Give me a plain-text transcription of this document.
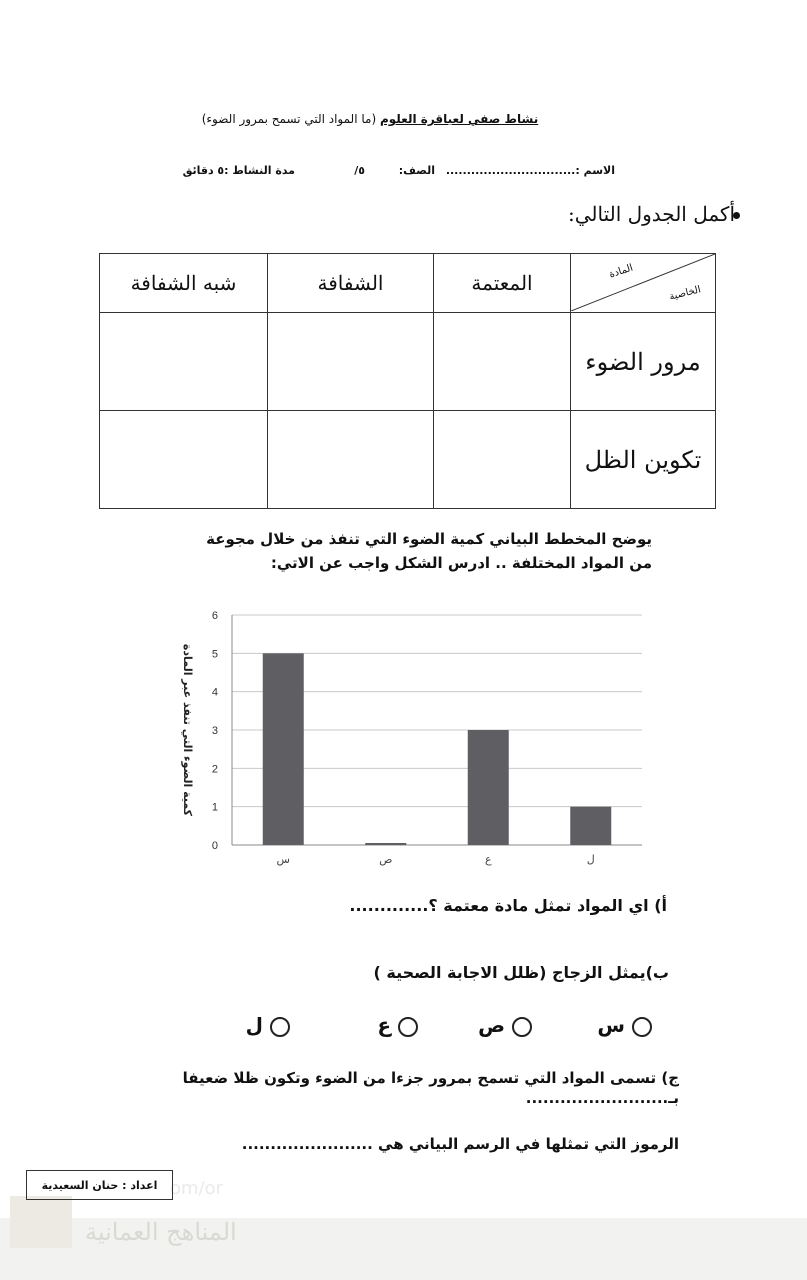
نشاط صفي لعباقرة العلوم (ما المواد التي تسمح بمرور الضوء)
الاسم :...............................
الصف:
٥/
مدة النشاط :٥ دقائق
أكمل الجدول التالي:
المادة
الخاصية	المعتمة	الشفافة	شبه الشفافة
مرور الضوء			
تكوين الظل			
يوضح المخطط البياني كمية الضوء التي تنفذ من خلال مجوعة
من المواد المختلفة .. ادرس الشكل واجب عن الاتي:
0
1
2
3
4
5
6
س	ص	ع	ل
كمية الضوء التي تنفذ عبر المادة
أ) اي المواد تمثل مادة معتمة ؟.............
ب)يمثل الزجاج (ظلل الاجابة الصحية )
س
ص
ع
ل
ج) تسمى المواد التي تسمح بمرور جزءا من الضوء وتكون ظلا ضعيفا بـ.........................
الرموز التي تمثلها في الرسم البياني هي .......................
om/or
المناهج العمانية
اعداد : حنان السعيدية
